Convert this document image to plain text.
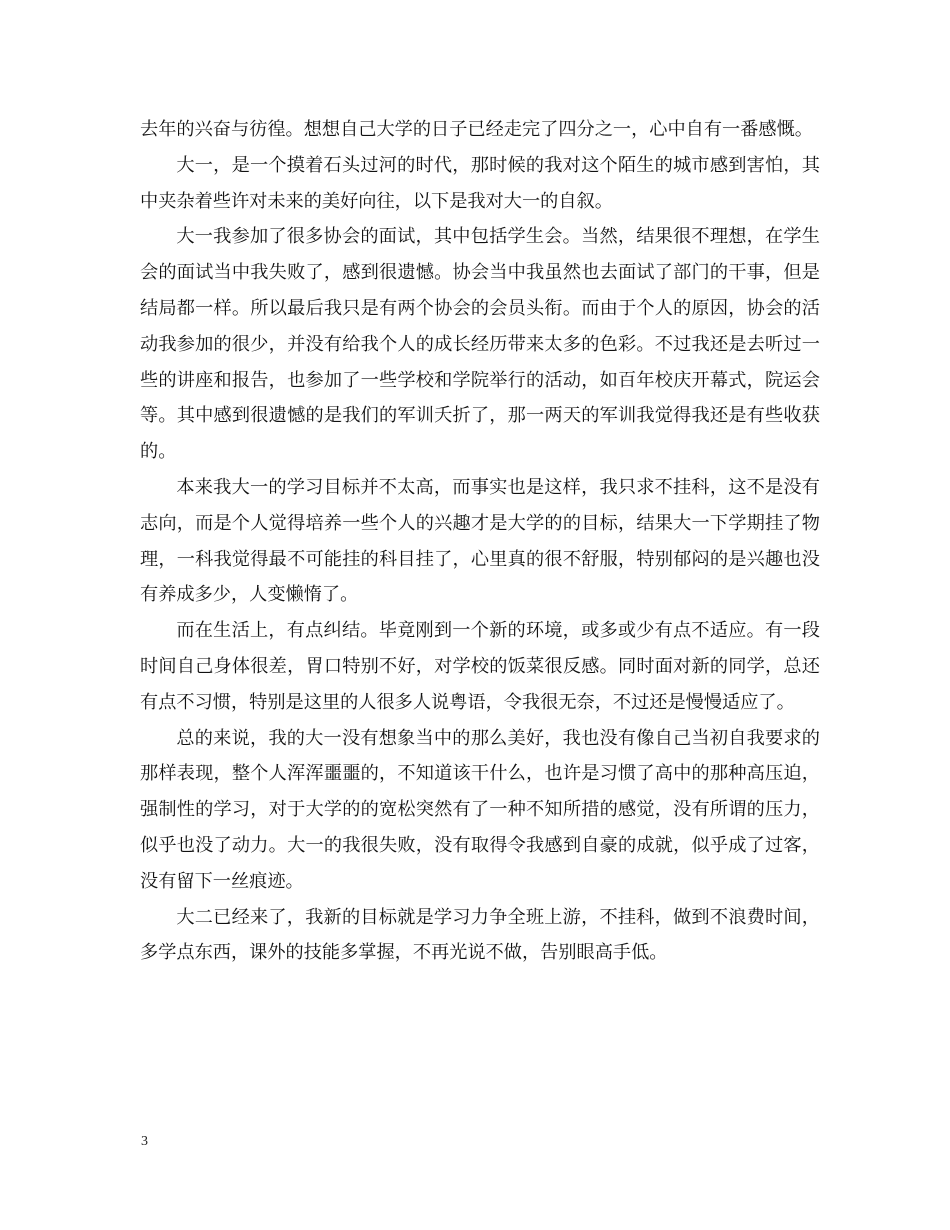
去年的兴奋与彷徨。想想自己大学的日子已经走完了四分之一，心中自有一番感慨。

大一，是一个摸着石头过河的时代，那时候的我对这个陌生的城市感到害怕，其中夹杂着些许对未来的美好向往，以下是我对大一的自叙。

大一我参加了很多协会的面试，其中包括学生会。当然，结果很不理想，在学生会的面试当中我失败了，感到很遗憾。协会当中我虽然也去面试了部门的干事，但是结局都一样。所以最后我只是有两个协会的会员头衔。而由于个人的原因，协会的活动我参加的很少，并没有给我个人的成长经历带来太多的色彩。不过我还是去听过一些的讲座和报告，也参加了一些学校和学院举行的活动，如百年校庆开幕式，院运会等。其中感到很遗憾的是我们的军训夭折了，那一两天的军训我觉得我还是有些收获的。

本来我大一的学习目标并不太高，而事实也是这样，我只求不挂科，这不是没有志向，而是个人觉得培养一些个人的兴趣才是大学的的目标，结果大一下学期挂了物理，一科我觉得最不可能挂的科目挂了，心里真的很不舒服，特别郁闷的是兴趣也没有养成多少，人变懒惰了。

而在生活上，有点纠结。毕竟刚到一个新的环境，或多或少有点不适应。有一段时间自己身体很差，胃口特别不好，对学校的饭菜很反感。同时面对新的同学，总还有点不习惯，特别是这里的人很多人说粤语，令我很无奈，不过还是慢慢适应了。

总的来说，我的大一没有想象当中的那么美好，我也没有像自己当初自我要求的那样表现，整个人浑浑噩噩的，不知道该干什么，也许是习惯了高中的那种高压迫，强制性的学习，对于大学的的宽松突然有了一种不知所措的感觉，没有所谓的压力，似乎也没了动力。大一的我很失败，没有取得令我感到自豪的成就，似乎成了过客，没有留下一丝痕迹。

大二已经来了，我新的目标就是学习力争全班上游，不挂科，做到不浪费时间，多学点东西，课外的技能多掌握，不再光说不做，告别眼高手低。

3
